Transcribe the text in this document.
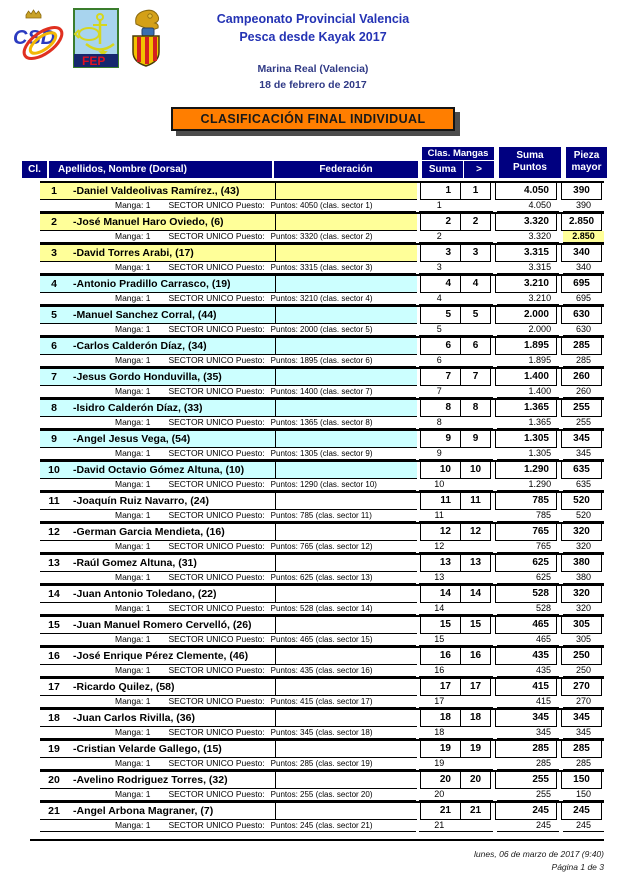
CSD
FEP
Campeonato Provincial Valencia
Pesca desde Kayak 2017
Marina Real (Valencia)
18 de febrero de 2017
CLASIFICACIÓN FINAL INDIVIDUAL
Cl.	Apellidos, Nombre (Dorsal)	Federación
Clas. Mangas
Suma	>
Suma
Puntos
Pieza
mayor
1	-Daniel Valdeolivas Ramírez., (43)	1	1	4.050	390
Manga: 1 SECTOR UNICO Puesto: Puntos: 4050 (clas. sector 1)	1	4.050	390
2	-José Manuel Haro Oviedo, (6)	2	2	3.320	2.850
Manga: 1 SECTOR UNICO Puesto: Puntos: 3320 (clas. sector 2)	2	3.320	2.850
3	-David Torres Arabi, (17)	3	3	3.315	340
Manga: 1 SECTOR UNICO Puesto: Puntos: 3315 (clas. sector 3)	3	3.315	340
4	-Antonio Pradillo Carrasco, (19)	4	4	3.210	695
Manga: 1 SECTOR UNICO Puesto: Puntos: 3210 (clas. sector 4)	4	3.210	695
5	-Manuel Sanchez Corral, (44)	5	5	2.000	630
Manga: 1 SECTOR UNICO Puesto: Puntos: 2000 (clas. sector 5)	5	2.000	630
6	-Carlos Calderón Díaz, (34)	6	6	1.895	285
Manga: 1 SECTOR UNICO Puesto: Puntos: 1895 (clas. sector 6)	6	1.895	285
7	-Jesus Gordo Honduvilla, (35)	7	7	1.400	260
Manga: 1 SECTOR UNICO Puesto: Puntos: 1400 (clas. sector 7)	7	1.400	260
8	-Isidro Calderón Díaz, (33)	8	8	1.365	255
Manga: 1 SECTOR UNICO Puesto: Puntos: 1365 (clas. sector 8)	8	1.365	255
9	-Angel Jesus Vega, (54)	9	9	1.305	345
Manga: 1 SECTOR UNICO Puesto: Puntos: 1305 (clas. sector 9)	9	1.305	345
10	-David Octavio Gómez Altuna, (10)	10	10	1.290	635
Manga: 1 SECTOR UNICO Puesto: Puntos: 1290 (clas. sector 10)	10	1.290	635
11	-Joaquín Ruiz Navarro, (24)	11	11	785	520
Manga: 1 SECTOR UNICO Puesto: Puntos: 785 (clas. sector 11)	11	785	520
12	-German Garcia Mendieta, (16)	12	12	765	320
Manga: 1 SECTOR UNICO Puesto: Puntos: 765 (clas. sector 12)	12	765	320
13	-Raúl Gomez Altuna, (31)	13	13	625	380
Manga: 1 SECTOR UNICO Puesto: Puntos: 625 (clas. sector 13)	13	625	380
14	-Juan Antonio Toledano, (22)	14	14	528	320
Manga: 1 SECTOR UNICO Puesto: Puntos: 528 (clas. sector 14)	14	528	320
15	-Juan Manuel Romero Cervelló, (26)	15	15	465	305
Manga: 1 SECTOR UNICO Puesto: Puntos: 465 (clas. sector 15)	15	465	305
16	-José Enrique Pérez Clemente, (46)	16	16	435	250
Manga: 1 SECTOR UNICO Puesto: Puntos: 435 (clas. sector 16)	16	435	250
17	-Ricardo Quilez, (58)	17	17	415	270
Manga: 1 SECTOR UNICO Puesto: Puntos: 415 (clas. sector 17)	17	415	270
18	-Juan Carlos Rivilla, (36)	18	18	345	345
Manga: 1 SECTOR UNICO Puesto: Puntos: 345 (clas. sector 18)	18	345	345
19	-Cristian Velarde Gallego, (15)	19	19	285	285
Manga: 1 SECTOR UNICO Puesto: Puntos: 285 (clas. sector 19)	19	285	285
20	-Avelino Rodriguez Torres, (32)	20	20	255	150
Manga: 1 SECTOR UNICO Puesto: Puntos: 255 (clas. sector 20)	20	255	150
21	-Angel Arbona Magraner, (7)	21	21	245	245
Manga: 1 SECTOR UNICO Puesto: Puntos: 245 (clas. sector 21)	21	245	245
lunes, 06 de marzo de 2017 (9:40)
Página 1 de 3
